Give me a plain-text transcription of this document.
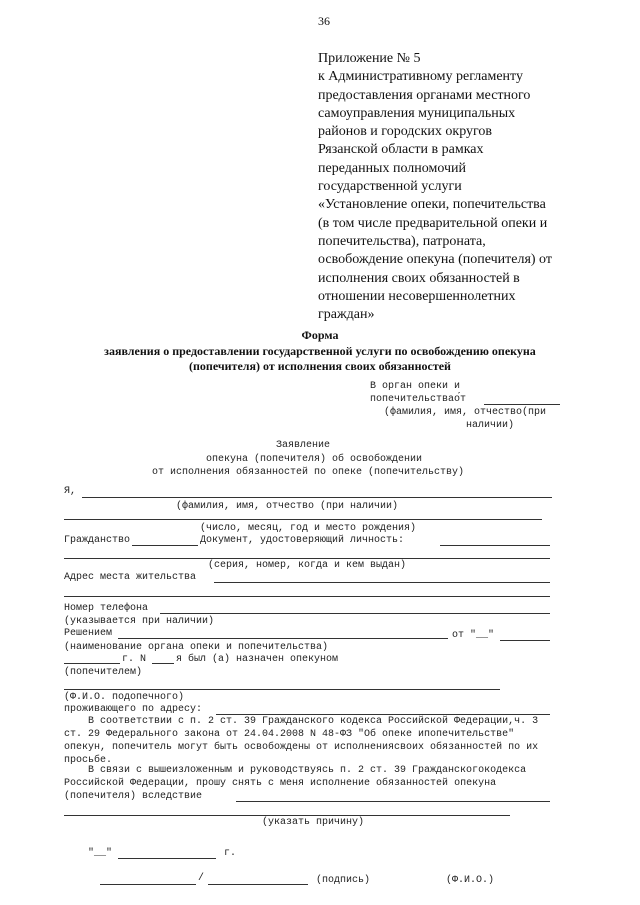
36
Приложение № 5
к Административному регламенту
предоставления органами местного
самоуправления муниципальных
районов и городских округов
Рязанской области в рамках
переданных полномочий
государственной услуги
«Установление опеки, попечительства
(в том числе предварительной опеки и
попечительства), патроната,
освобождение опекуна (попечителя) от
исполнения своих обязанностей в
отношении несовершеннолетних
граждан»
Форма
заявления о предоставлении государственной услуги по освобождению опекуна
(попечителя) от исполнения своих обязанностей
В орган опеки и
попечительствао́т
(фамилия, имя, отчество(при
наличии)
Заявление
опекуна (попечителя) об освобождении
от исполнения обязанностей по опеке (попечительству)
Я,
(фамилия, имя, отчество (при наличии)
(число, месяц, год и место рождения)
Гражданство	Документ, удостоверяющий личность:
(серия, номер, когда и кем выдан)
Адрес места жительства
Номер телефона
(указывается при наличии)
Решением	от "__"
(наименование органа опеки и попечительства)
(попечителем)
г. N	я был (а) назначен опекуном
(Ф.И.О. подопечного)
проживающего по адресу:
В соответствии с п. 2 ст. 39 Гражданского кодекса Российской Федерации,ч. 3
ст. 29 Федерального закона от 24.04.2008 N 48-ФЗ "Об опеке ипопечительстве"
опекун, попечитель могут быть освобождены от исполнениясвоих обязанностей по их
просьбе.
В связи с вышеизложенным и руководствуясь п. 2 ст. 39 Гражданскогокодекса
Российской Федерации, прошу снять с меня исполнение обязанностей опекуна
(попечителя) вследствие
(указать причину)
"__"	г.
/	(подпись)	(Ф.И.О.)
